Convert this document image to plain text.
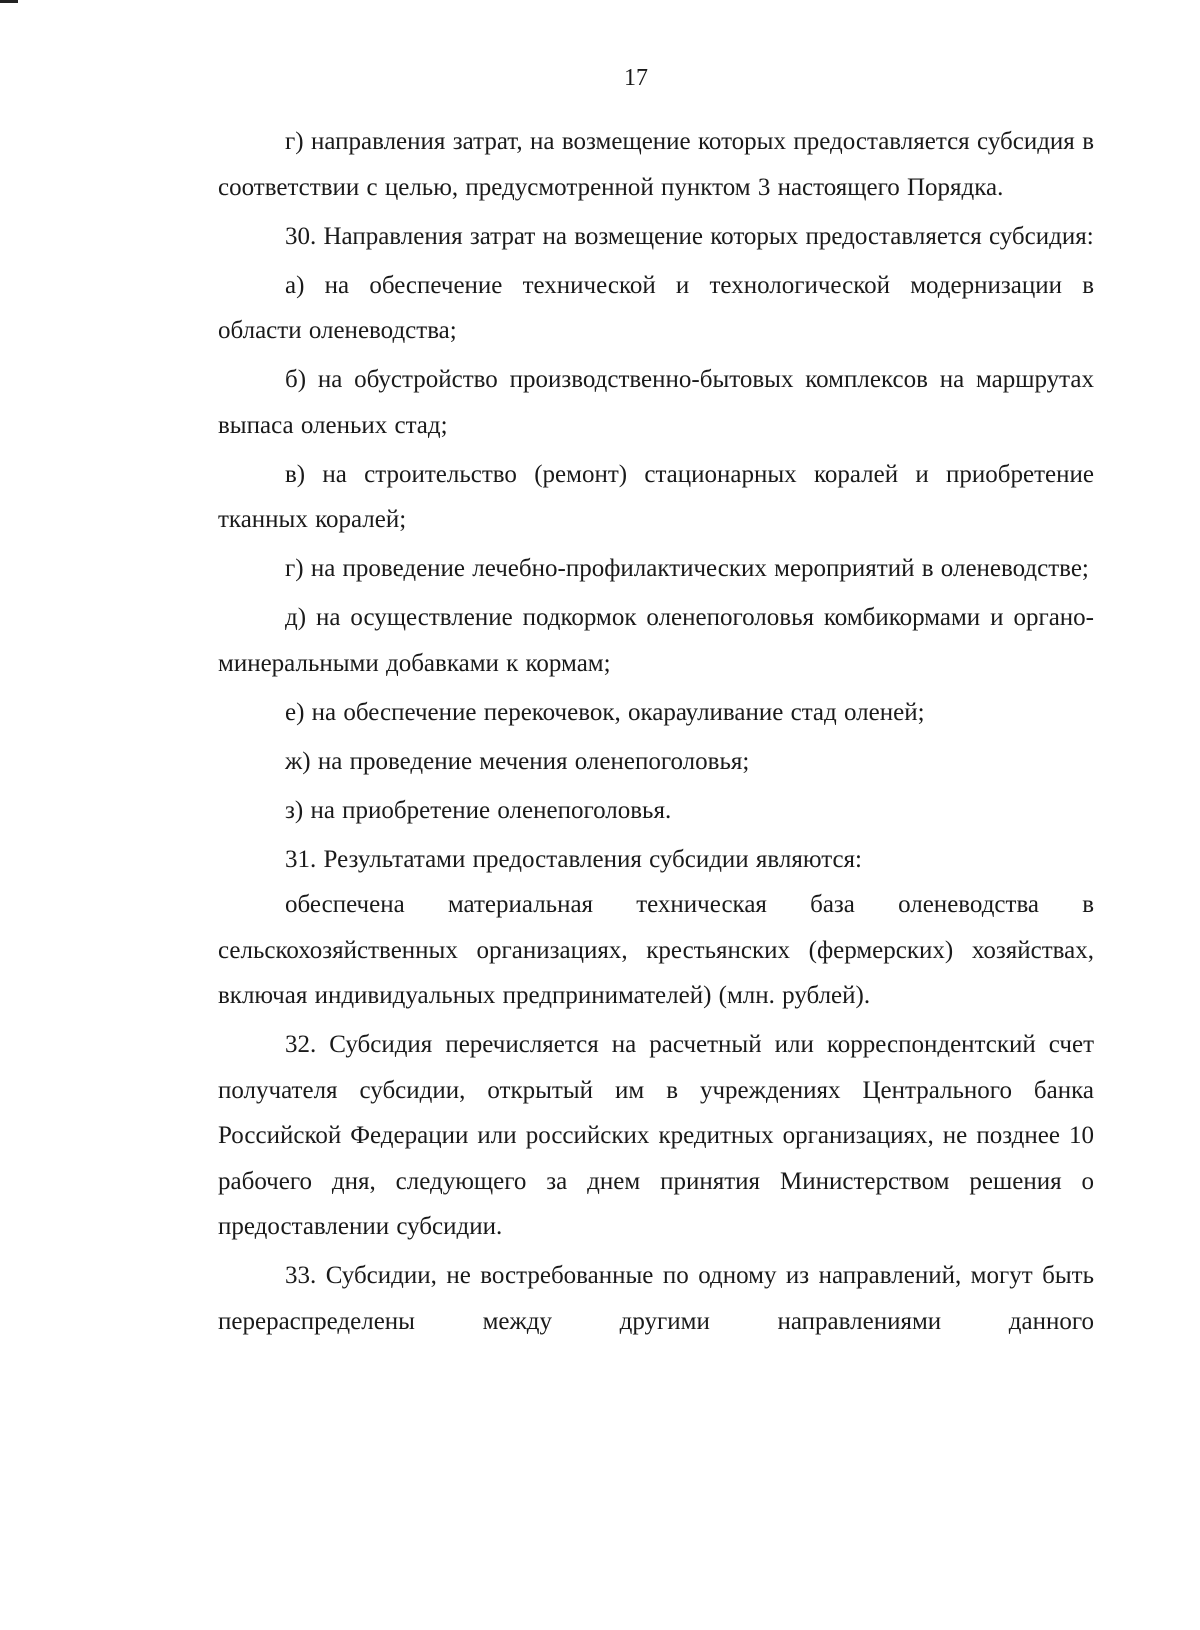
17

г) направления затрат, на возмещение которых предоставляется субсидия в соответствии с целью, предусмотренной пунктом 3 настоящего Порядка.

30. Направления затрат на возмещение которых предоставляется субсидия:

а) на обеспечение технической и технологической модернизации в области оленеводства;

б) на обустройство производственно-бытовых комплексов на маршрутах выпаса оленьих стад;

в) на строительство (ремонт) стационарных коралей и приобретение тканных коралей;

г) на проведение лечебно-профилактических мероприятий в оленеводстве;

д) на осуществление подкормок оленепоголовья комбикормами и органо-минеральными добавками к кормам;

е) на обеспечение перекочевок, окарауливание стад оленей;

ж) на проведение мечения оленепоголовья;

з) на приобретение оленепоголовья.

31. Результатами предоставления субсидии являются:

обеспечена материальная техническая база оленеводства в сельскохозяйственных организациях, крестьянских (фермерских) хозяйствах, включая индивидуальных предпринимателей) (млн. рублей).

32. Субсидия перечисляется на расчетный или корреспондентский счет получателя субсидии, открытый им в учреждениях Центрального банка Российской Федерации или российских кредитных организациях, не позднее 10 рабочего дня, следующего за днем принятия Министерством решения о предоставлении субсидии.

33. Субсидии, не востребованные по одному из направлений, могут быть перераспределены между другими направлениями данного
